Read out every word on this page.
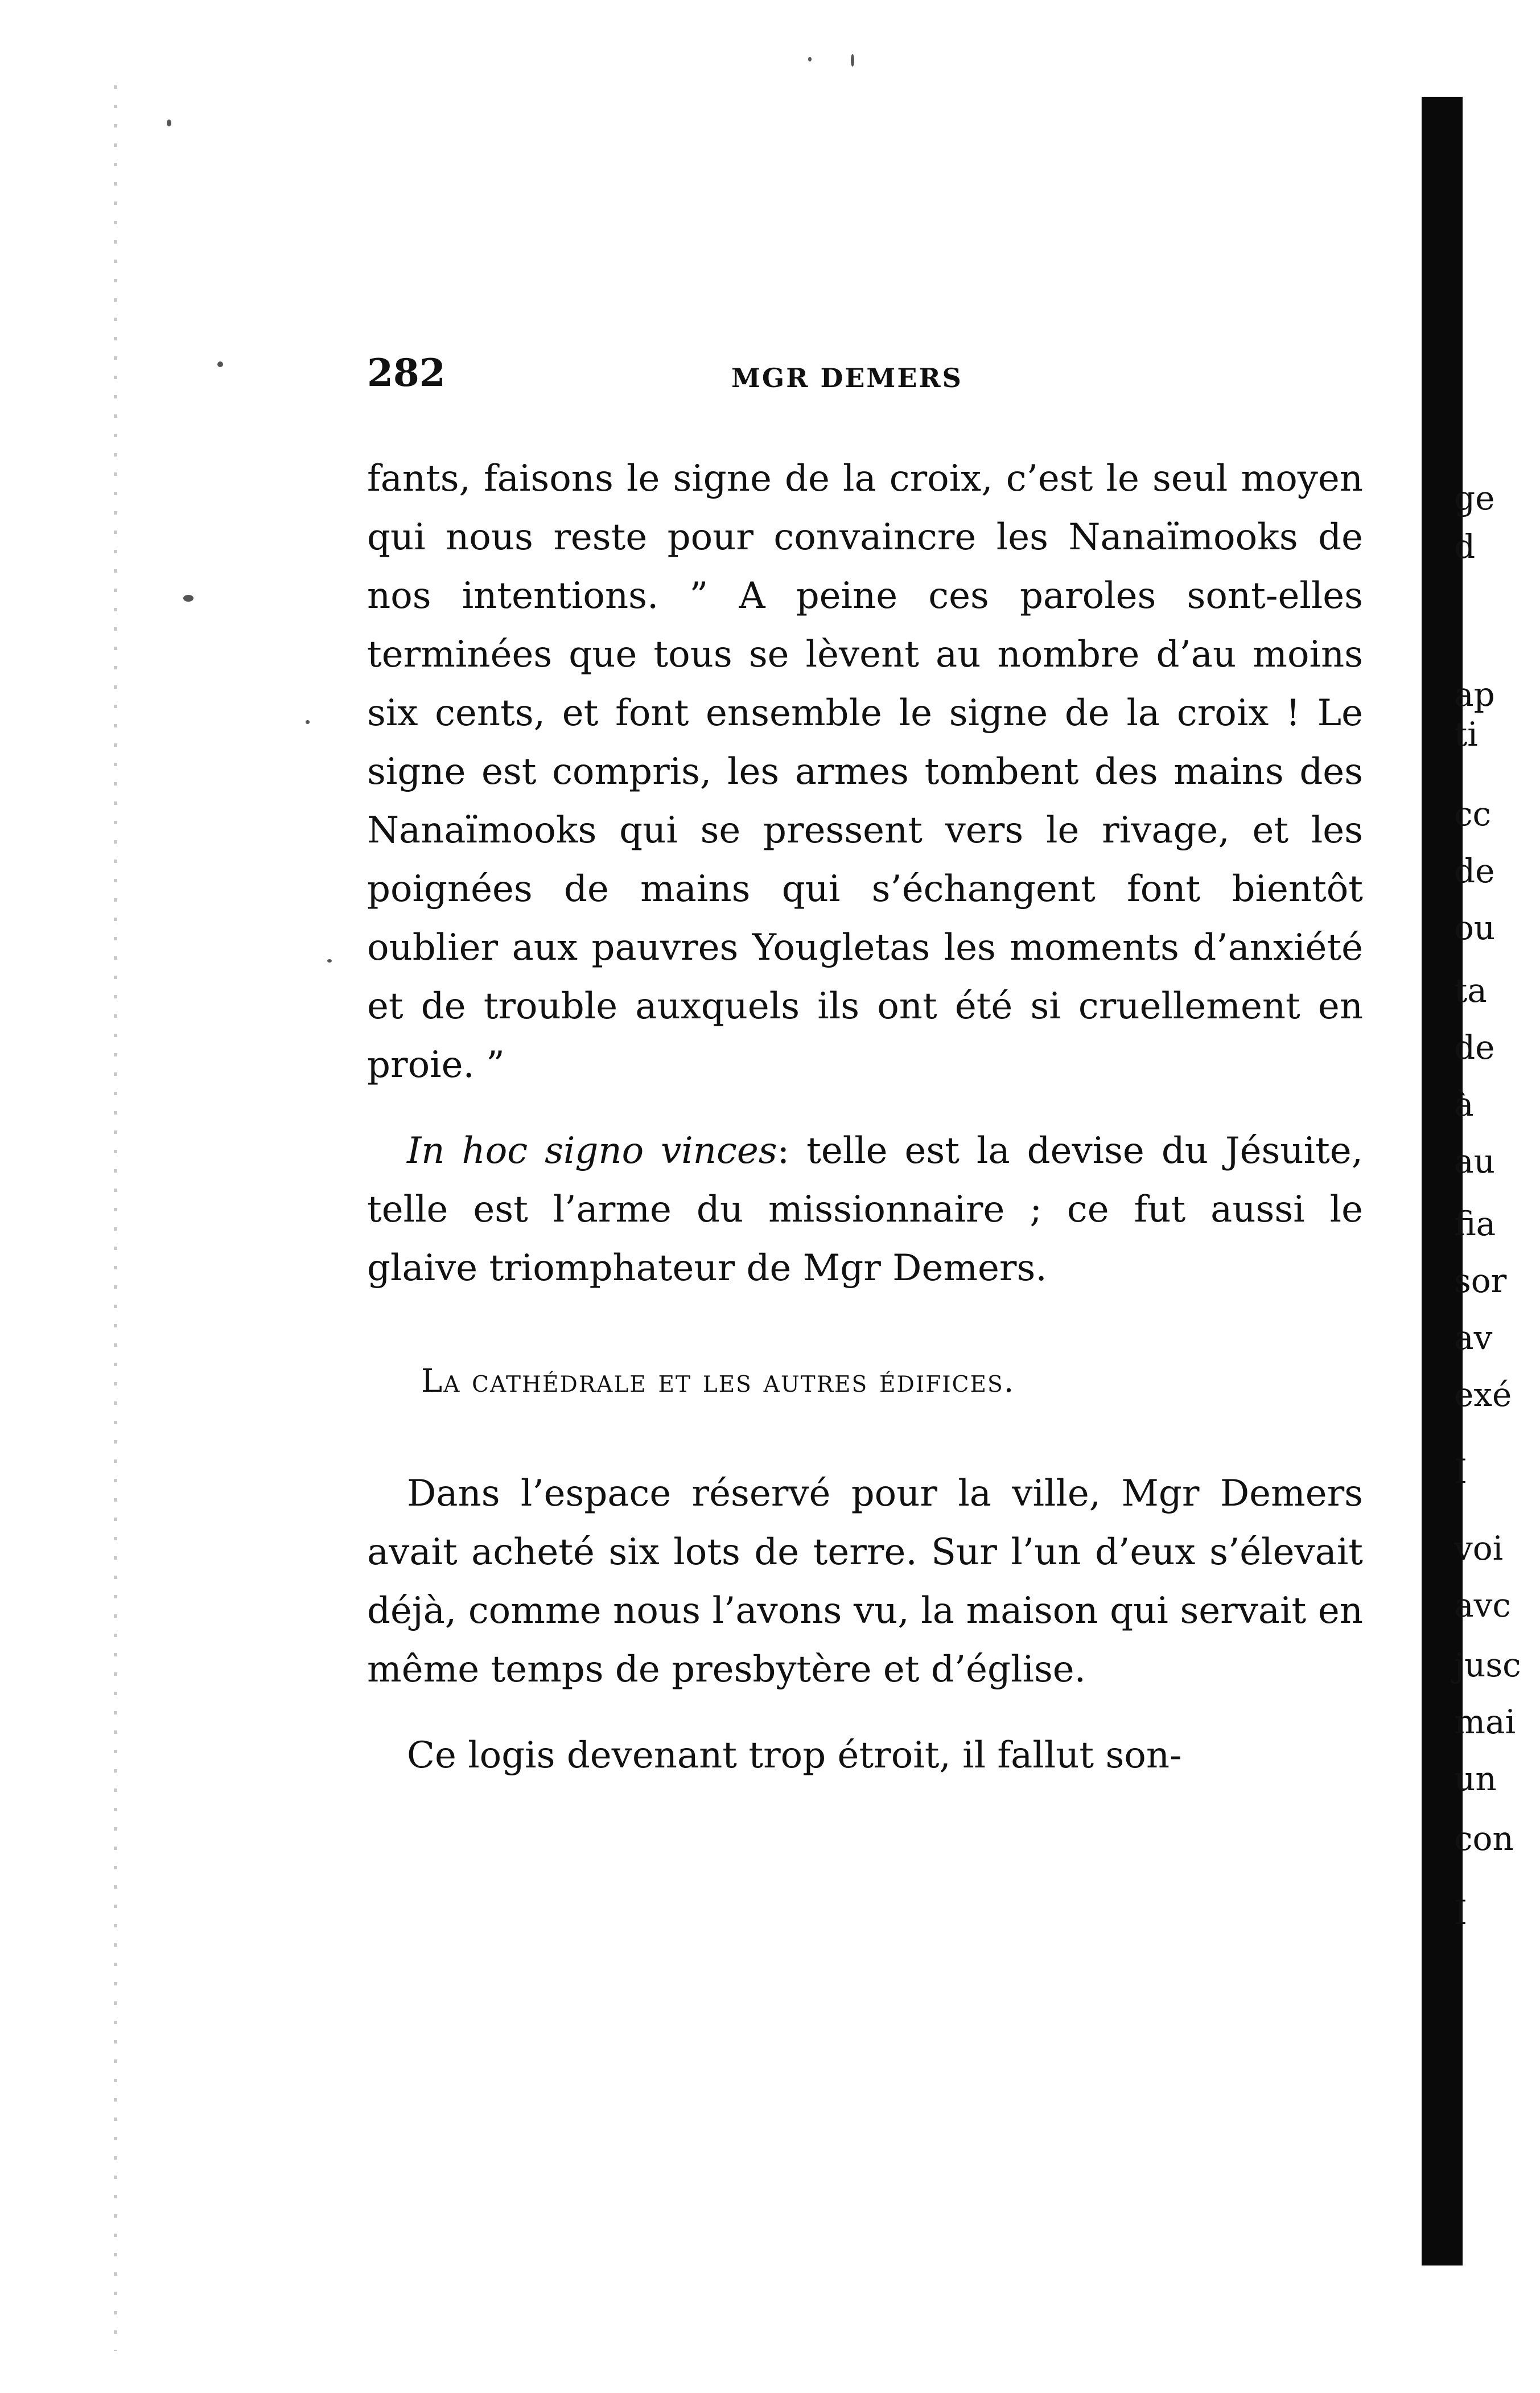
282	MGR DEMERS

fants, faisons le signe de la croix, c’est le seul moyen qui nous reste pour convaincre les Nanaïmooks de nos intentions. ” A peine ces paroles sont-elles terminées que tous se lèvent au nombre d’au moins six cents, et font ensemble le signe de la croix ! Le signe est compris, les armes tombent des mains des Nanaïmooks qui se pressent vers le rivage, et les poignées de mains qui s’échangent font bientôt oublier aux pauvres Yougletas les moments d’anxiété et de trouble auxquels ils ont été si cruellement en proie. ”

In hoc signo vinces: telle est la devise du Jésuite, telle est l’arme du missionnaire ; ce fut aussi le glaive triomphateur de Mgr Demers.

La cathédrale et les autres édifices.

Dans l’espace réservé pour la ville, Mgr Demers avait acheté six lots de terre. Sur l’un d’eux s’élevait déjà, comme nous l’avons vu, la maison qui servait en même temps de presbytère et d’église.

Ce logis devenant trop étroit, il fallut son-

ge
d
ap
ti
cc
de
ou
ta
de
à
au
fia
sor
av
exé
I
voi
avc
jusc
mai
un
con
I
